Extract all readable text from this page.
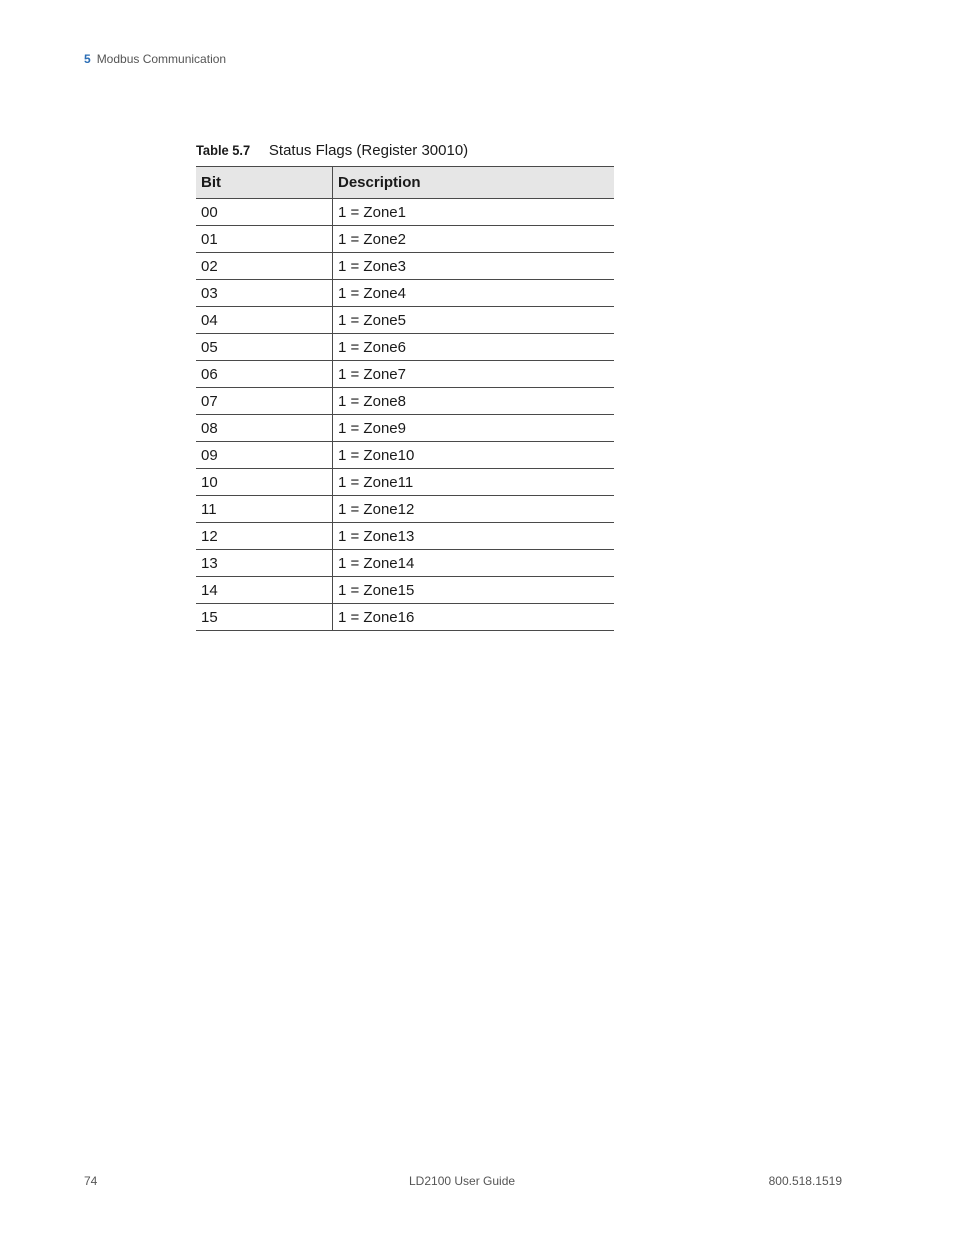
5 Modbus Communication
Table 5.7 Status Flags (Register 30010)
Bit	Description
00	1 = Zone1
01	1 = Zone2
02	1 = Zone3
03	1 = Zone4
04	1 = Zone5
05	1 = Zone6
06	1 = Zone7
07	1 = Zone8
08	1 = Zone9
09	1 = Zone10
10	1 = Zone11
11	1 = Zone12
12	1 = Zone13
13	1 = Zone14
14	1 = Zone15
15	1 = Zone16
74	LD2100 User Guide	800.518.1519
